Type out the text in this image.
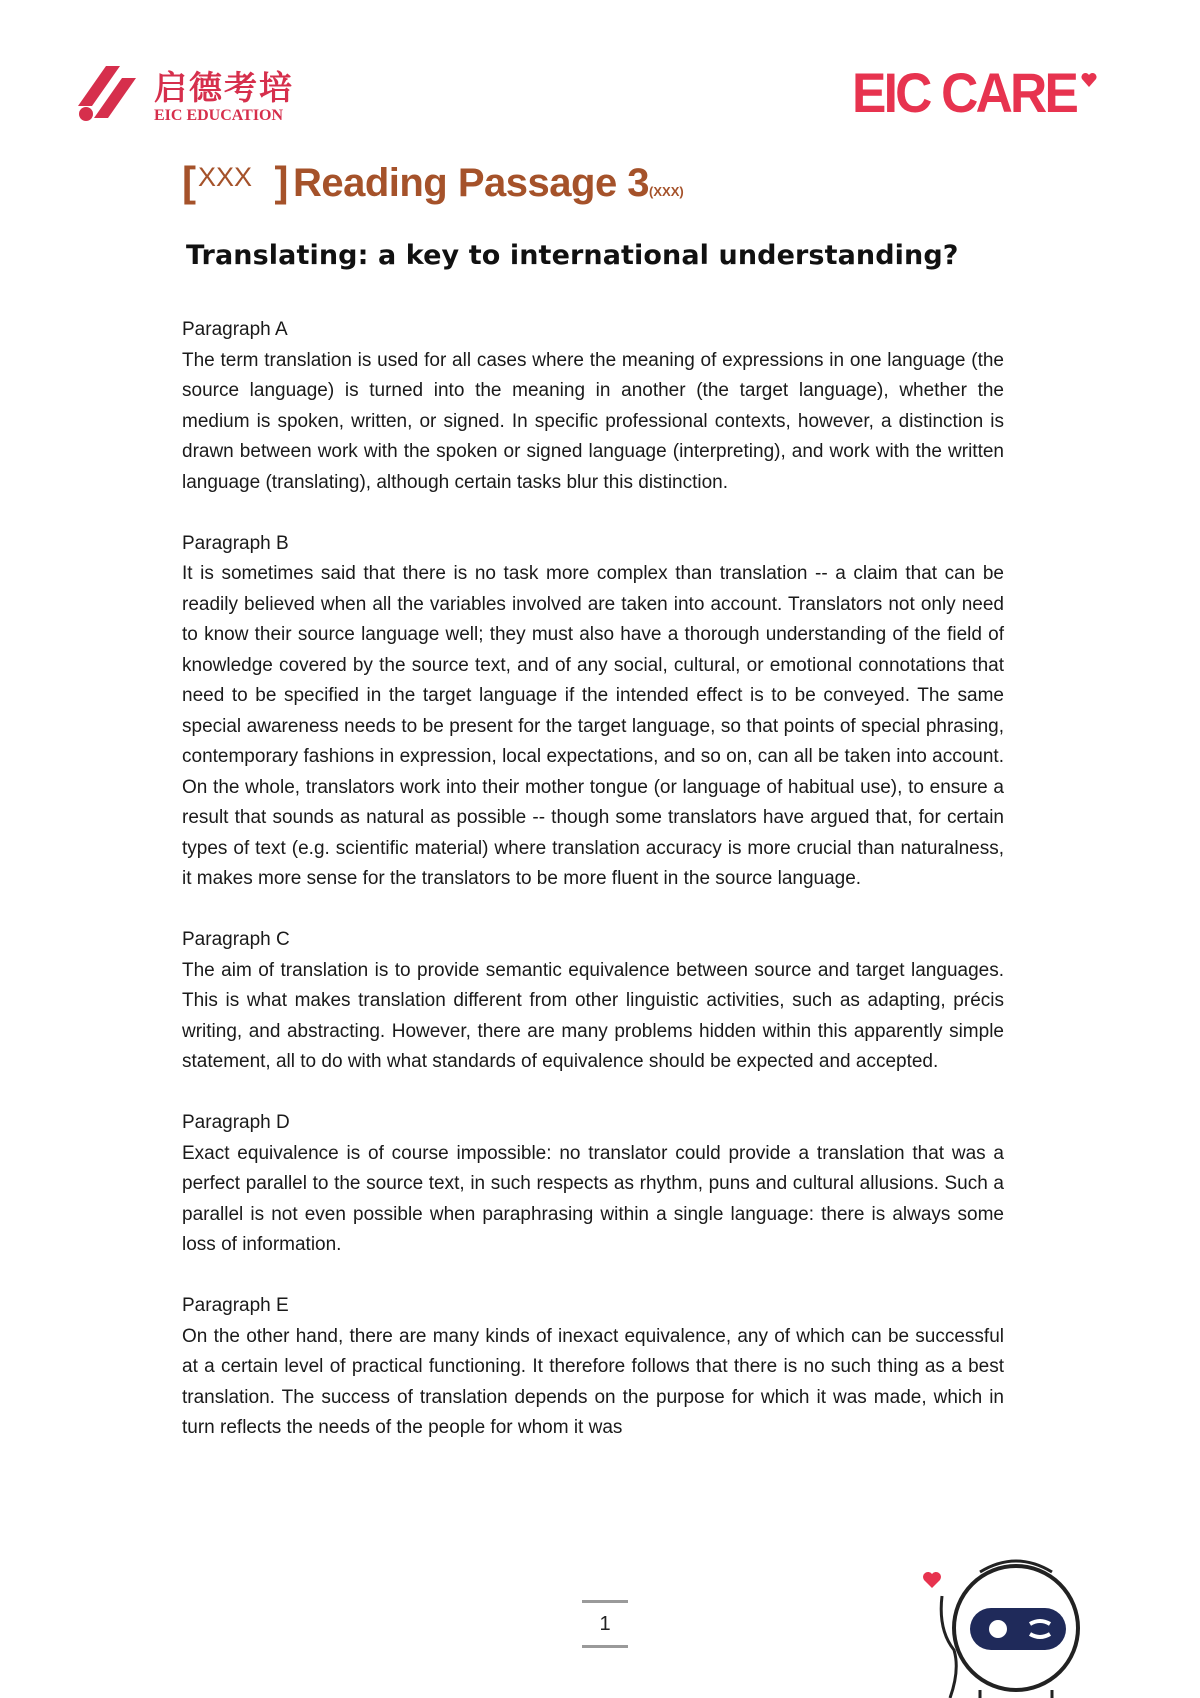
启德考培
EIC EDUCATION	EIC CARE
[XXX ] Reading Passage 3(XXX)
Translating: a key to international understanding?
Paragraph A
The term translation is used for all cases where the meaning of expressions in one language (the source language) is turned into the meaning in another (the target language), whether the medium is spoken, written, or signed. In specific professional contexts, however, a distinction is drawn between work with the spoken or signed language (interpreting), and work with the written language (translating), although certain tasks blur this distinction.
Paragraph B
It is sometimes said that there is no task more complex than translation -- a claim that can be readily believed when all the variables involved are taken into account. Translators not only need to know their source language well; they must also have a thorough understanding of the field of knowledge covered by the source text, and of any social, cultural, or emotional connotations that need to be specified in the target language if the intended effect is to be conveyed. The same special awareness needs to be present for the target language, so that points of special phrasing, contemporary fashions in expression, local expectations, and so on, can all be taken into account. On the whole, translators work into their mother tongue (or language of habitual use), to ensure a result that sounds as natural as possible -- though some translators have argued that, for certain types of text (e.g. scientific material) where translation accuracy is more crucial than naturalness, it makes more sense for the translators to be more fluent in the source language.
Paragraph C
The aim of translation is to provide semantic equivalence between source and target languages. This is what makes translation different from other linguistic activities, such as adapting, précis writing, and abstracting. However, there are many problems hidden within this apparently simple statement, all to do with what standards of equivalence should be expected and accepted.
Paragraph D
Exact equivalence is of course impossible: no translator could provide a translation that was a perfect parallel to the source text, in such respects as rhythm, puns and cultural allusions. Such a parallel is not even possible when paraphrasing within a single language: there is always some loss of information.
Paragraph E
On the other hand, there are many kinds of inexact equivalence, any of which can be successful at a certain level of practical functioning. It therefore follows that there is no such thing as a best translation. The success of translation depends on the purpose for which it was made, which in turn reflects the needs of the people for whom it was
1
